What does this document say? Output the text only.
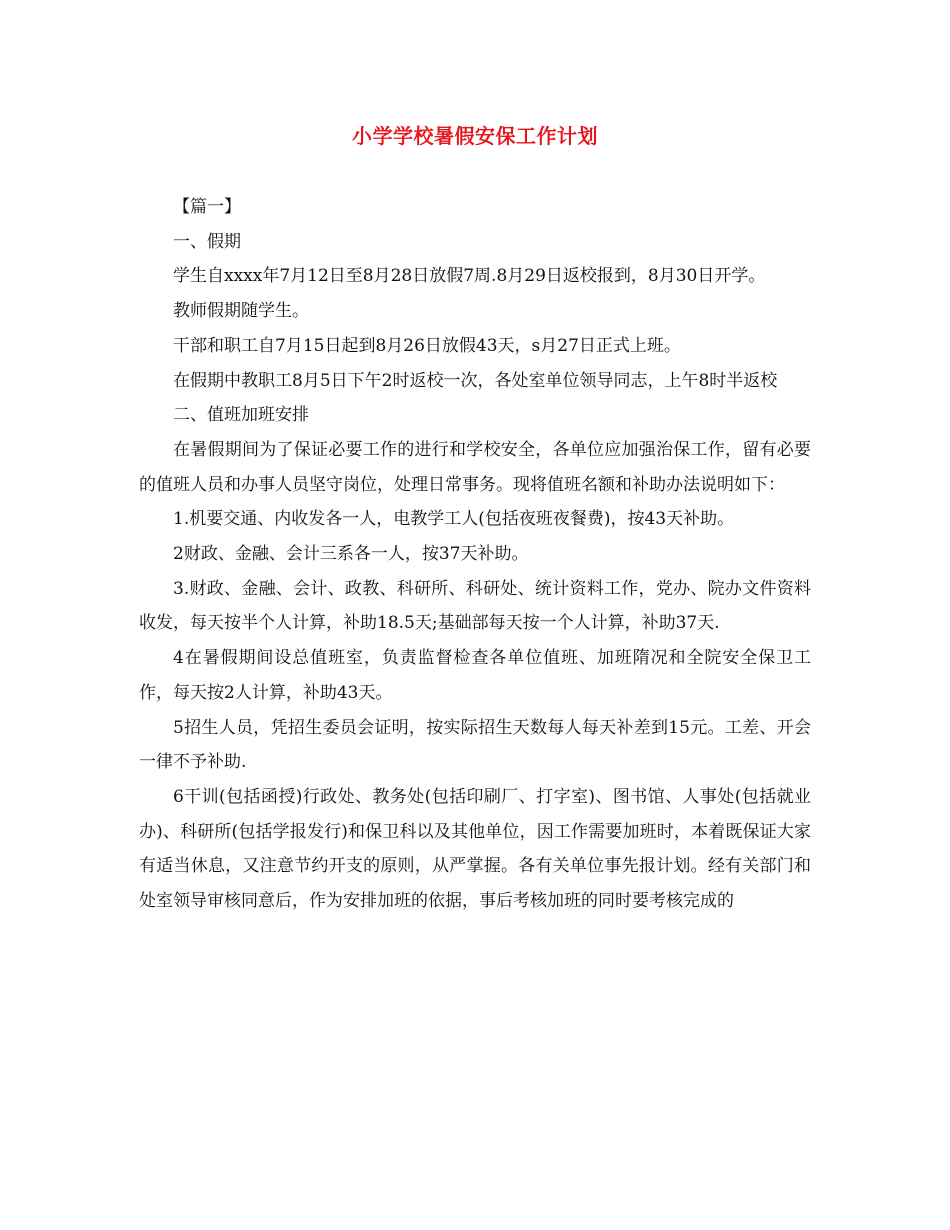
小学学校暑假安保工作计划

【篇一】

一、假期

学生自xxxx年7月12日至8月28日放假7周.8月29日返校报到，8月30日开学。

教师假期随学生。

干部和职工自7月15日起到8月26日放假43天，s月27日正式上班。

在假期中教职工8月5日下午2时返校一次，各处室单位领导同志，上午8时半返校

二、值班加班安排

在暑假期间为了保证必要工作的进行和学校安全，各单位应加强治保工作，留有必要的值班人员和办事人员坚守岗位，处理日常事务。现将值班名额和补助办法说明如下：

1.机要交通、内收发各一人，电教学工人(包括夜班夜餐费)，按43天补助。

2财政、金融、会计三系各一人，按37天补助。

3.财政、金融、会计、政教、科研所、科研处、统计资料工作，党办、院办文件资料收发，每天按半个人计算，补助18.5天;基础部每天按一个人计算，补助37天.

4在暑假期间设总值班室，负责监督检查各单位值班、加班隋况和全院安全保卫工作，每天按2人计算，补助43天。

5招生人员，凭招生委员会证明，按实际招生天数每人每天补差到15元。工差、开会一律不予补助.

6干训(包括函授)行政处、教务处(包括印刷厂、打字室)、图书馆、人事处(包括就业办)、科研所(包括学报发行)和保卫科以及其他单位，因工作需要加班时，本着既保证大家有适当休息，又注意节约开支的原则，从严掌握。各有关单位事先报计划。经有关部门和处室领导审核同意后，作为安排加班的依据，事后考核加班的同时要考核完成的
